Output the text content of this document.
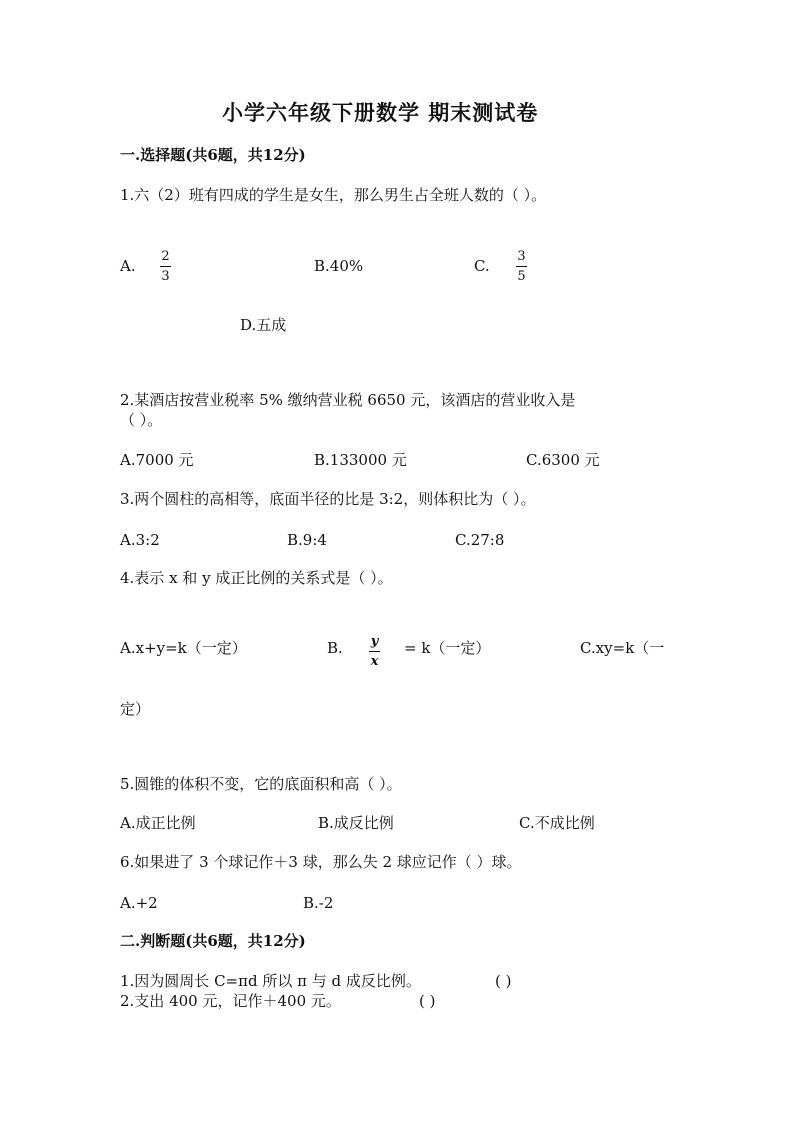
小学六年级下册数学 期末测试卷
一.选择题(共6题，共12分)
1.六（2）班有四成的学生是女生，那么男生占全班人数的（ ）。
A.
2
3
B.40%	C.
3
5
D.五成
2.某酒店按营业税率 5% 缴纳营业税 6650 元，该酒店的营业收入是
（ ）。
A.7000 元	B.133000 元	C.6300 元
3.两个圆柱的高相等，底面半径的比是 3:2，则体积比为（ ）。
A.3:2	B.9:4	C.27:8
4.表示 x 和 y 成正比例的关系式是（ ）。
A.x+y=k（一定）	B. y
x
= k（一定）	C.xy=k（一
定）
5.圆锥的体积不变，它的底面积和高（ ）。
A.成正比例	B.成反比例	C.不成比例
6.如果进了 3 个球记作＋3 球，那么失 2 球应记作（ ）球。
A.+2	B.-2
二.判断题(共6题，共12分)
1.因为圆周长 C=πd 所以 π 与 d 成反比例。	( )
2.支出 400 元，记作＋400 元。	( )
